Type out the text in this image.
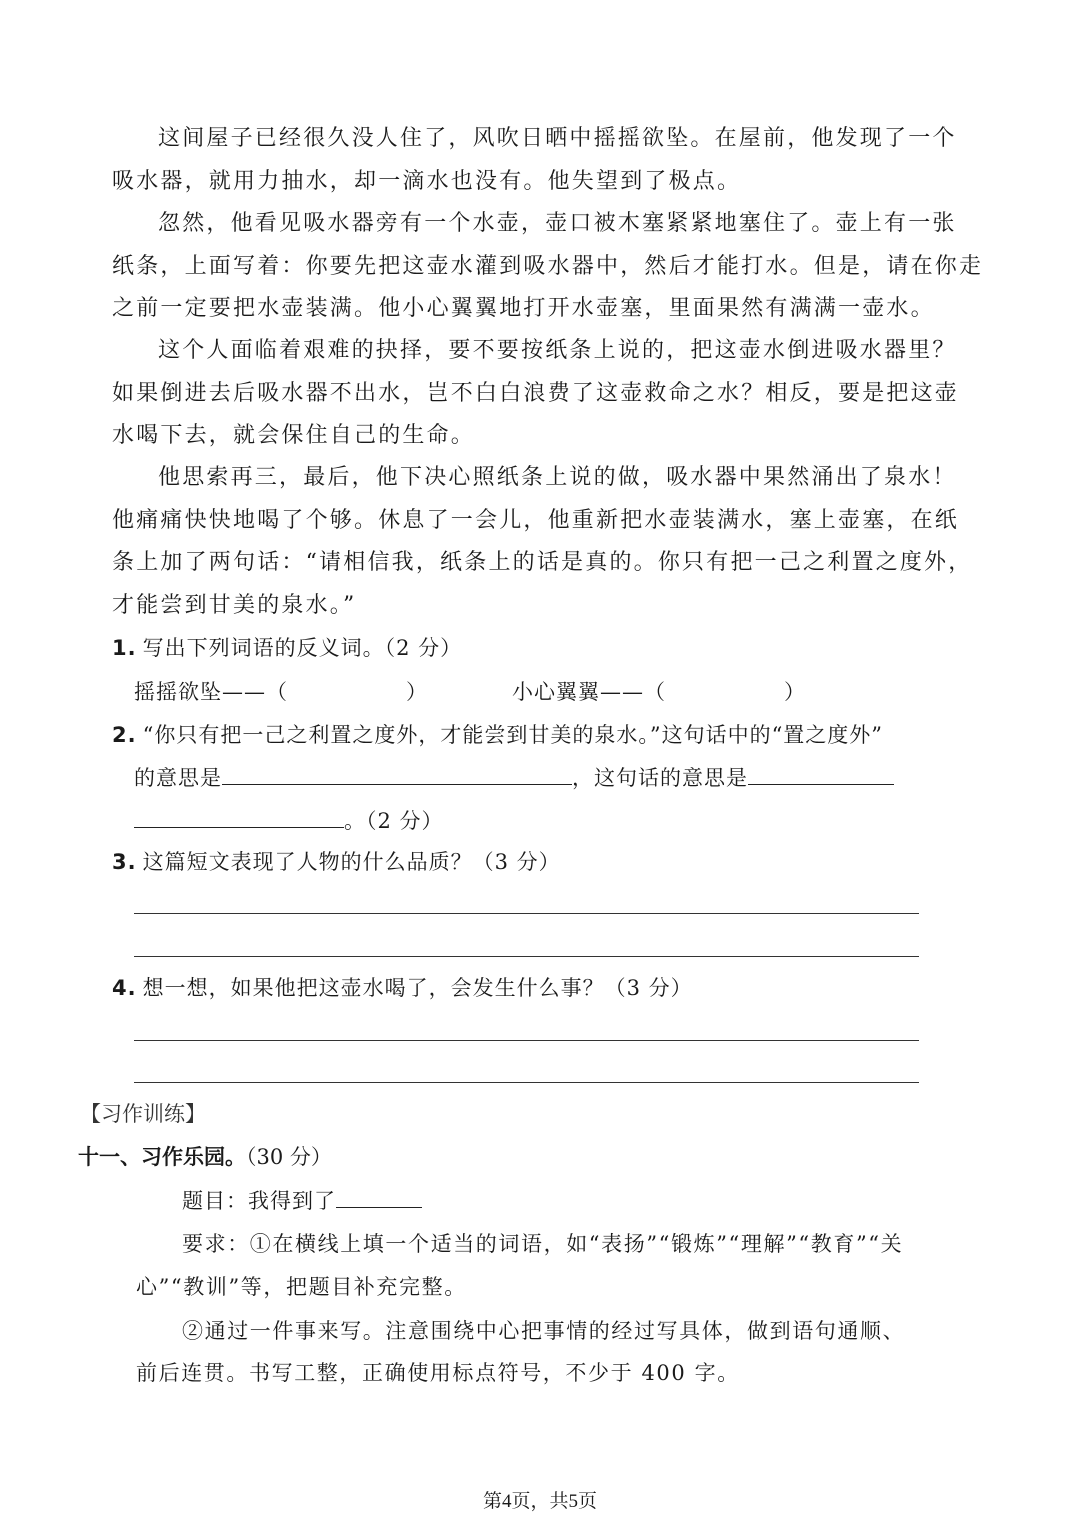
这间屋子已经很久没人住了，风吹日晒中摇摇欲坠。在屋前，他发现了一个
吸水器，就用力抽水，却一滴水也没有。他失望到了极点。

忽然，他看见吸水器旁有一个水壶，壶口被木塞紧紧地塞住了。壶上有一张
纸条，上面写着：你要先把这壶水灌到吸水器中，然后才能打水。但是，请在你走
之前一定要把水壶装满。他小心翼翼地打开水壶塞，里面果然有满满一壶水。

这个人面临着艰难的抉择，要不要按纸条上说的，把这壶水倒进吸水器里？
如果倒进去后吸水器不出水，岂不白白浪费了这壶救命之水？相反，要是把这壶
水喝下去，就会保住自己的生命。

他思索再三，最后，他下决心照纸条上说的做，吸水器中果然涌出了泉水！
他痛痛快快地喝了个够。休息了一会儿，他重新把水壶装满水，塞上壶塞，在纸
条上加了两句话：“请相信我，纸条上的话是真的。你只有把一己之利置之度外，
才能尝到甘美的泉水。”

1. 写出下列词语的反义词。（2 分）
摇摇欲坠——（	）	小心翼翼——（	）
2. “你只有把一己之利置之度外，才能尝到甘美的泉水。”这句话中的“置之度外”
的意思是	，这句话的意思是
。（2 分）
3. 这篇短文表现了人物的什么品质？（3 分）
4. 想一想，如果他把这壶水喝了，会发生什么事？（3 分）
【习作训练】
十一、习作乐园。（30 分）
题目：我得到了
要求：①在横线上填一个适当的词语，如“表扬”“锻炼”“理解”“教育”“关
心”“教训”等，把题目补充完整。
②通过一件事来写。注意围绕中心把事情的经过写具体，做到语句通顺、
前后连贯。书写工整，正确使用标点符号，不少于 400 字。
第4页，共5页
